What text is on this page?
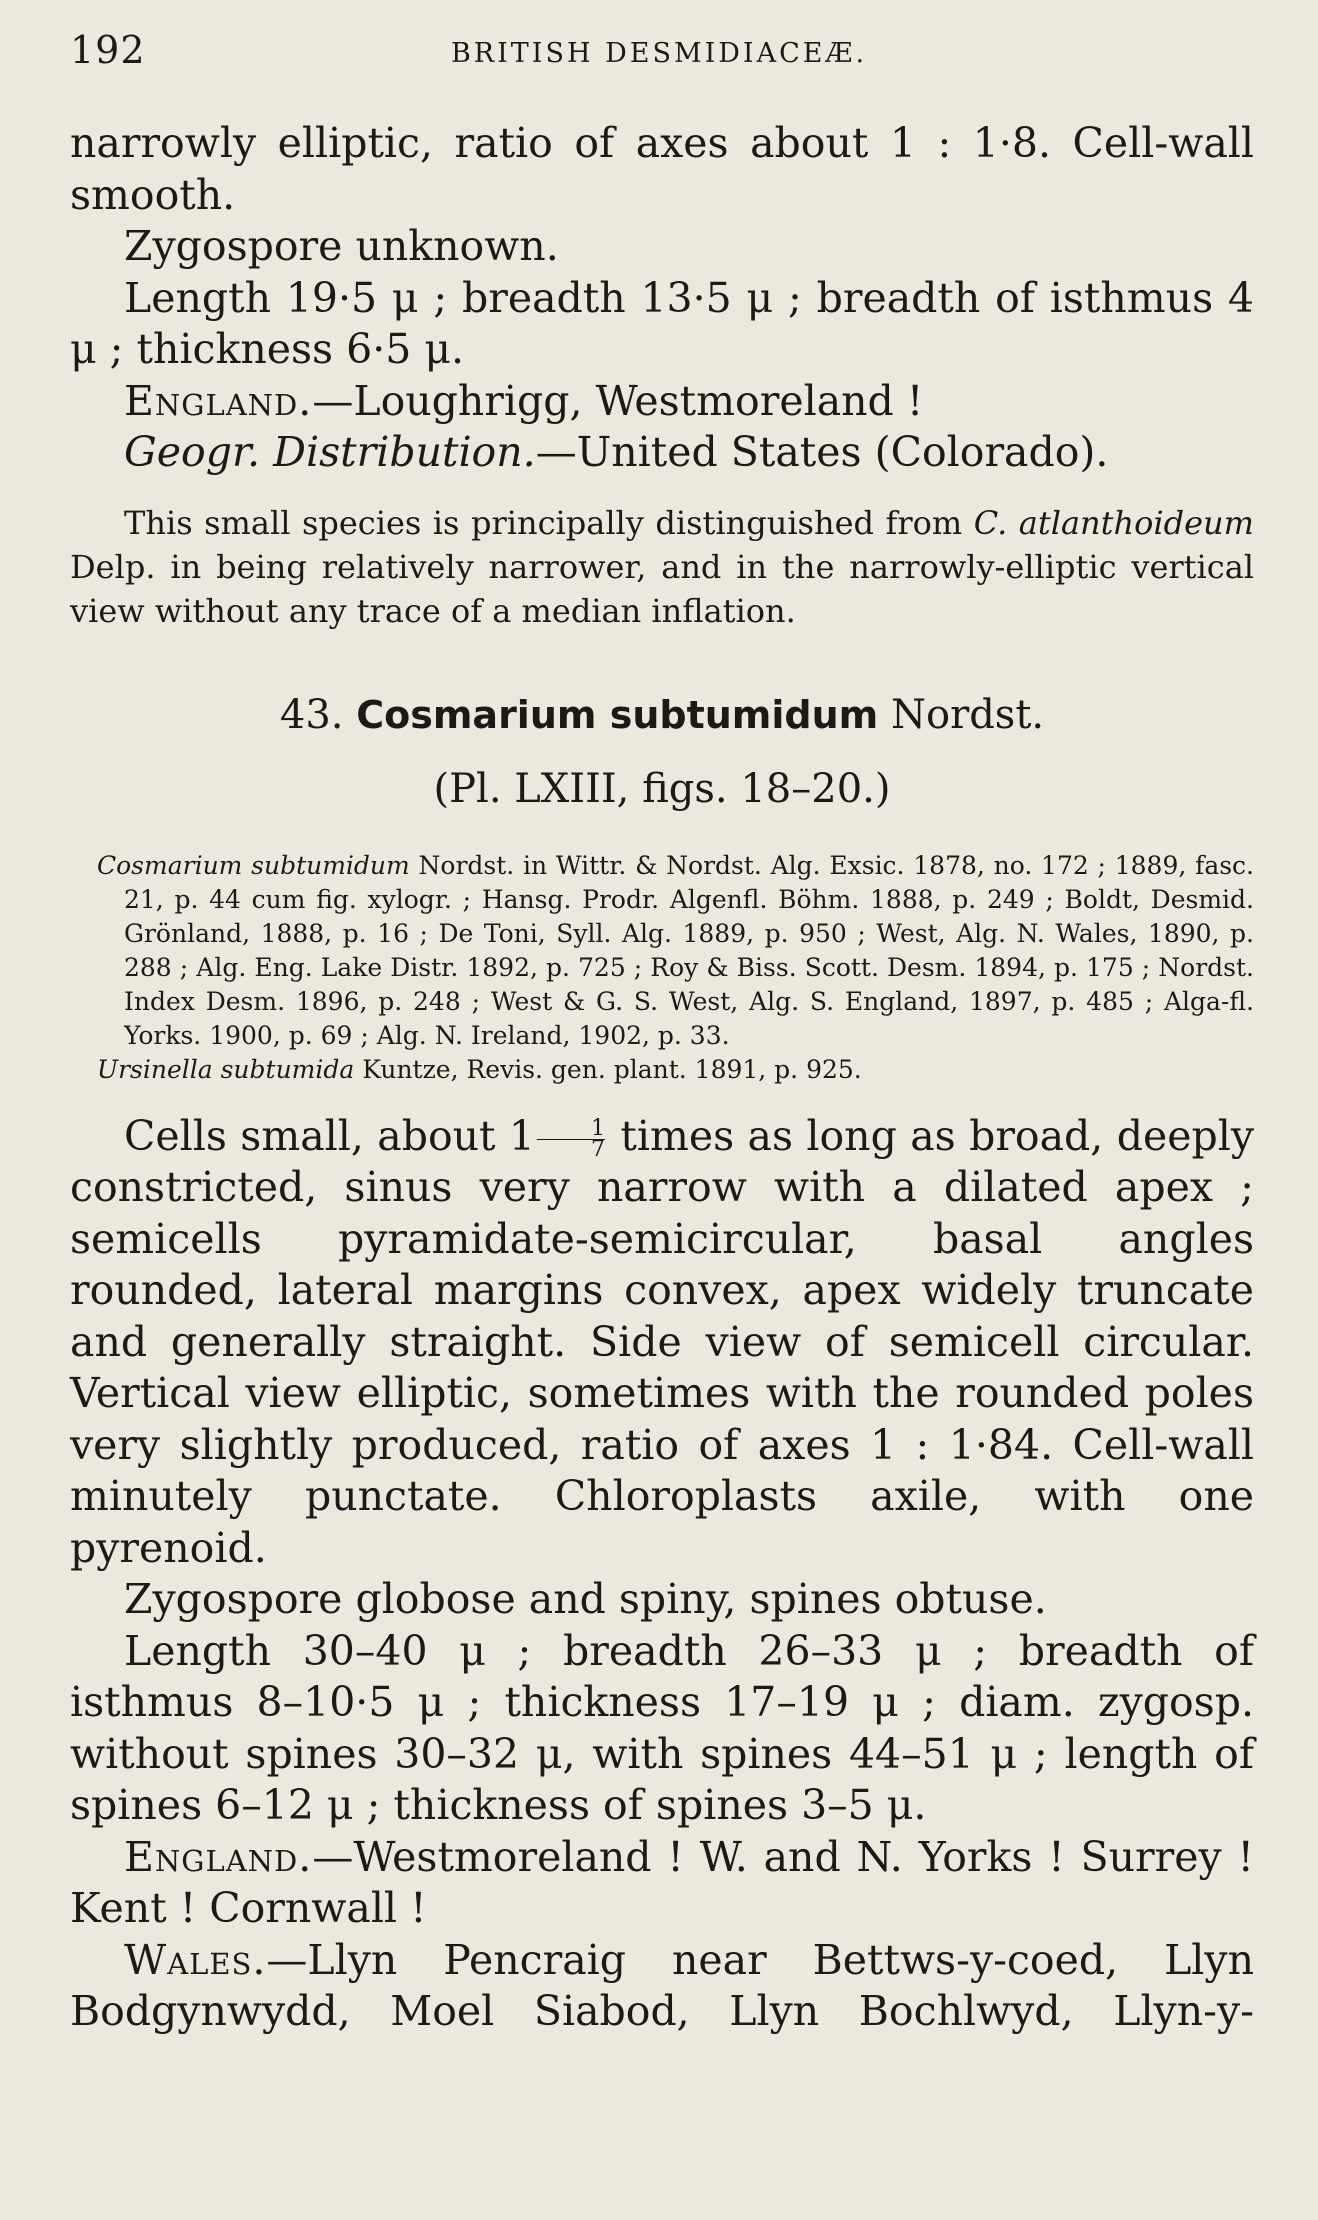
192	BRITISH DESMIDIACEÆ.

narrowly elliptic, ratio of axes about 1 : 1·8. Cell-wall smooth.

Zygospore unknown.

Length 19·5 μ ; breadth 13·5 μ ; breadth of isthmus 4 μ ; thickness 6·5 μ.

England.—Loughrigg, Westmoreland !

Geogr. Distribution.—United States (Colorado).

This small species is principally distinguished from C. atlanthoideum Delp. in being relatively narrower, and in the narrowly-elliptic vertical view without any trace of a median inflation.

43. Cosmarium subtumidum Nordst.
(Pl. LXIII, figs. 18–20.)

Cosmarium subtumidum Nordst. in Wittr. & Nordst. Alg. Exsic. 1878, no. 172 ; 1889, fasc. 21, p. 44 cum fig. xylogr. ; Hansg. Prodr. Algenfl. Böhm. 1888, p. 249 ; Boldt, Desmid. Grönland, 1888, p. 16 ; De Toni, Syll. Alg. 1889, p. 950 ; West, Alg. N. Wales, 1890, p. 288 ; Alg. Eng. Lake Distr. 1892, p. 725 ; Roy & Biss. Scott. Desm. 1894, p. 175 ; Nordst. Index Desm. 1896, p. 248 ; West & G. S. West, Alg. S. England, 1897, p. 485 ; Alga-fl. Yorks. 1900, p. 69 ; Alg. N. Ireland, 1902, p. 33.

Ursinella subtumida Kuntze, Revis. gen. plant. 1891, p. 925.

Cells small, about $1 \frac{1}{7}$ times as long as broad, deeply constricted, sinus very narrow with a dilated apex ; semicells pyramidate-semicircular, basal angles rounded, lateral margins convex, apex widely truncate and generally straight. Side view of semicell circular. Vertical view elliptic, sometimes with the rounded poles very slightly produced, ratio of axes 1 : 1·84. Cell-wall minutely punctate. Chloroplasts axile, with one pyrenoid.

Zygospore globose and spiny, spines obtuse.

Length 30–40 μ ; breadth 26–33 μ ; breadth of isthmus 8–10·5 μ ; thickness 17–19 μ ; diam. zygosp. without spines 30–32 μ, with spines 44–51 μ ; length of spines 6–12 μ ; thickness of spines 3–5 μ.

England.—Westmoreland ! W. and N. Yorks ! Surrey ! Kent ! Cornwall !

Wales.—Llyn Pencraig near Bettws-y-coed, Llyn Bodgynwydd, Moel Siabod, Llyn Bochlwyd, Llyn-y-
